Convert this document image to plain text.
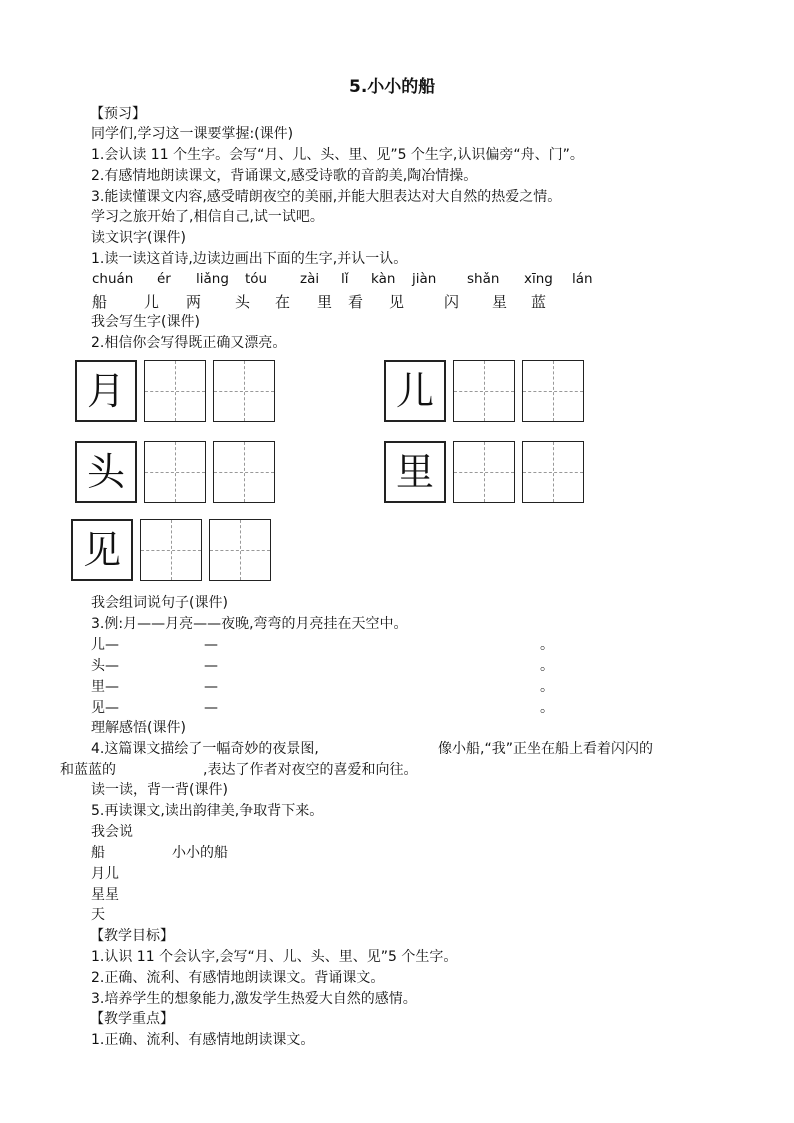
5.小小的船
【预习】
同学们,学习这一课要掌握:(课件)
1.会认读 11 个生字。会写“月、儿、头、里、见”5 个生字,认识偏旁“舟、门”。
2.有感情地朗读课文，背诵课文,感受诗歌的音韵美,陶冶情操。
3.能读懂课文内容,感受晴朗夜空的美丽,并能大胆表达对大自然的热爱之情。
学习之旅开始了,相信自己,试一试吧。
读文识字(课件)
1.读一读这首诗,边读边画出下面的生字,并认一认。
chuán ér liǎng tóu zài lǐ kàn jiàn shǎn xīng lán
船 儿 两 头 在 里 看 见	闪 星 蓝
我会写生字(课件)
2.相信你会写得既正确又漂亮。
月	儿
头	里
见
我会组词说句子(课件)
3.例:月——月亮——夜晚,弯弯的月亮挂在天空中。
儿—	—	。
头—	—	。
里—	—	。
见—	—	。
理解感悟(课件)
4.这篇课文描绘了一幅奇妙的夜景图,	像小船,“我”正坐在船上看着闪闪的
和蓝蓝的	,表达了作者对夜空的喜爱和向往。
读一读，背一背(课件)
5.再读课文,读出韵律美,争取背下来。
我会说
船	小小的船
月儿
星星
天
【教学目标】
1.认识 11 个会认字,会写“月、儿、头、里、见”5 个生字。
2.正确、流利、有感情地朗读课文。背诵课文。
3.培养学生的想象能力,激发学生热爱大自然的感情。
【教学重点】
1.正确、流利、有感情地朗读课文。
